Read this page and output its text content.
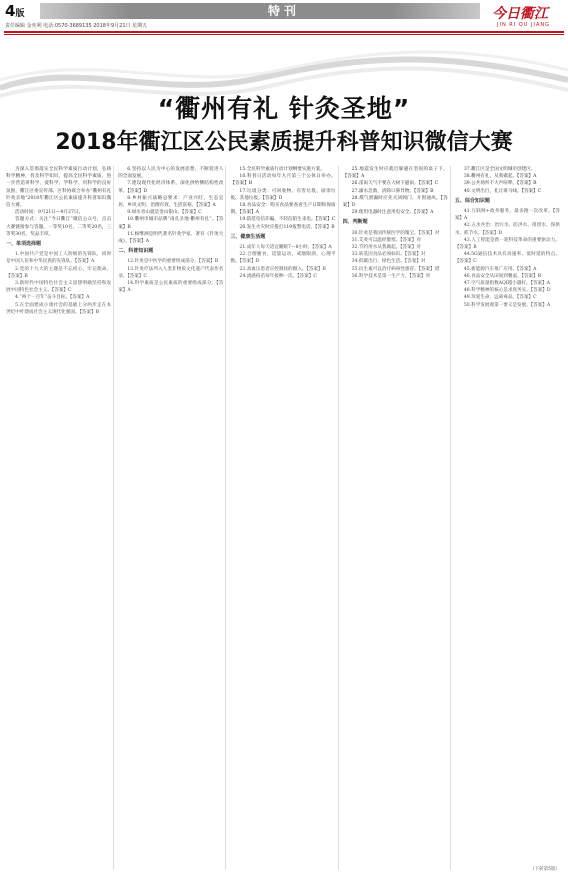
4版	特刊	今日衢江
JIN RI QU JIANG
责任编辑 金奕利 电话:0570-3689135 2018年9月21日 星期五
“衢州有礼 针灸圣地”
2018年衢江区公民素质提升科普知识微信大赛

为深入贯彻落实全民科学素质行动计划，弘扬科学精神，普及科学知识，提高全民科学素质，进一步营造讲科学、爱科学、学科学、用科学的良好氛围，衢江区委宣传部、区科协联合举办“衢州有礼 针灸圣地”2018年衢江区公民素质提升科普知识微信大赛。

活动时间：9月21日—9月27日。

答题方式：关注“今日衢江”微信公众号，点击大赛链接参与答题。一等奖10名，二等奖20名，三等奖30名，奖品丰厚。

一、单项选择题

1.中国共产党是中国工人阶级的先锋队，同时是中国人民和中华民族的先锋队。【答案】A

2.党的十九大的主题是不忘初心、牢记使命。【答案】B

3.新时代中国特色社会主义思想明确坚持和发展中国特色社会主义。【答案】C

4.“两个一百年”奋斗目标。【答案】A

5.在全面建成小康社会的基础上分两步走在本世纪中叶建成社会主义现代化强国。【答案】B

6.坚持以人民为中心的发展思想，不断促进人的全面发展。

7.建设现代化经济体系，深化供给侧结构性改革。【答案】D

8.乡村振兴战略总要求：产业兴旺、生态宜居、乡风文明、治理有效、生活富裕。【答案】A

9.绿水青山就是金山银山。【答案】C

10.衢州市城市品牌“南孔圣地·衢州有礼”。【答案】B

11.杨继洲是明代著名针灸学家，著有《针灸大成》。【答案】A

二、科普知识题

12.针灸是中医学的重要组成部分。【答案】B

13.针灸疗法列入人类非物质文化遗产代表作名录。【答案】C

14.科学素质是公民素质的重要组成部分。【答案】A

15.全民科学素质行动计划纲要实施方案。

16.科普日活动每年九月第三个公休日举办。【答案】B

17.垃圾分类：可回收物、有害垃圾、厨余垃圾、其他垃圾。【答案】D

18.食品安全：购买食品要查看生产日期和保质期。【答案】A

19.防范电信诈骗，不轻信陌生来电。【答案】C

20.发生火灾时应拨打119报警电话。【答案】B

三、健康生活题

21.成年人每天适宜睡眠7—8小时。【答案】A

22.合理膳食，适量运动，戒烟限酒，心理平衡。【答案】D

23.高血压患者应控制盐的摄入。【答案】B

24.流感疫苗每年接种一次。【答案】C

25.地震发生时应就近躲避在坚固的桌子下。【答案】A

26.雷雨天气不要在大树下避雨。【答案】C

27.溺水急救，清除口鼻异物。【答案】B

28.煤气泄漏时应先关闭阀门、开窗通风。【答案】D

29.使用电器时注意用电安全。【答案】A

四、判断题

30.针灸是我国传统医学的瑰宝。【答案】对

31.艾灸可以温经散寒。【答案】对

32.节约用水从我做起。【答案】对

33.转基因食品必须标识。【答案】对

34.低碳出行，绿色生活。【答案】对

35.抗生素可以治疗病毒性感冒。【答案】错

36.科学技术是第一生产力。【答案】对

37.衢江区是全国文明城市创建区。

38.衢州有礼，从我做起。【答案】A

39.公共场所不大声喧哗。【答案】B

40.文明出行，礼让斑马线。【答案】C

五、综合知识题

41.互联网+政务服务，最多跑一次改革。【答案】A

42.五水共治：治污水、防洪水、排涝水、保供水、抓节水。【答案】D

43.人工智能是新一轮科技革命的重要驱动力。【答案】B

44.5G通信技术具有高速率、低时延的特点。【答案】C

45.新能源汽车推广应用。【答案】A

46.食品安全从田间到餐桌。【答案】B

47.空气质量指数AQI越小越好。【答案】A

48.科学精神的核心是求真务实。【答案】D

49.珍爱生命，远离毒品。【答案】C

50.科学发展观第一要义是发展。【答案】A

（下转第5版）
